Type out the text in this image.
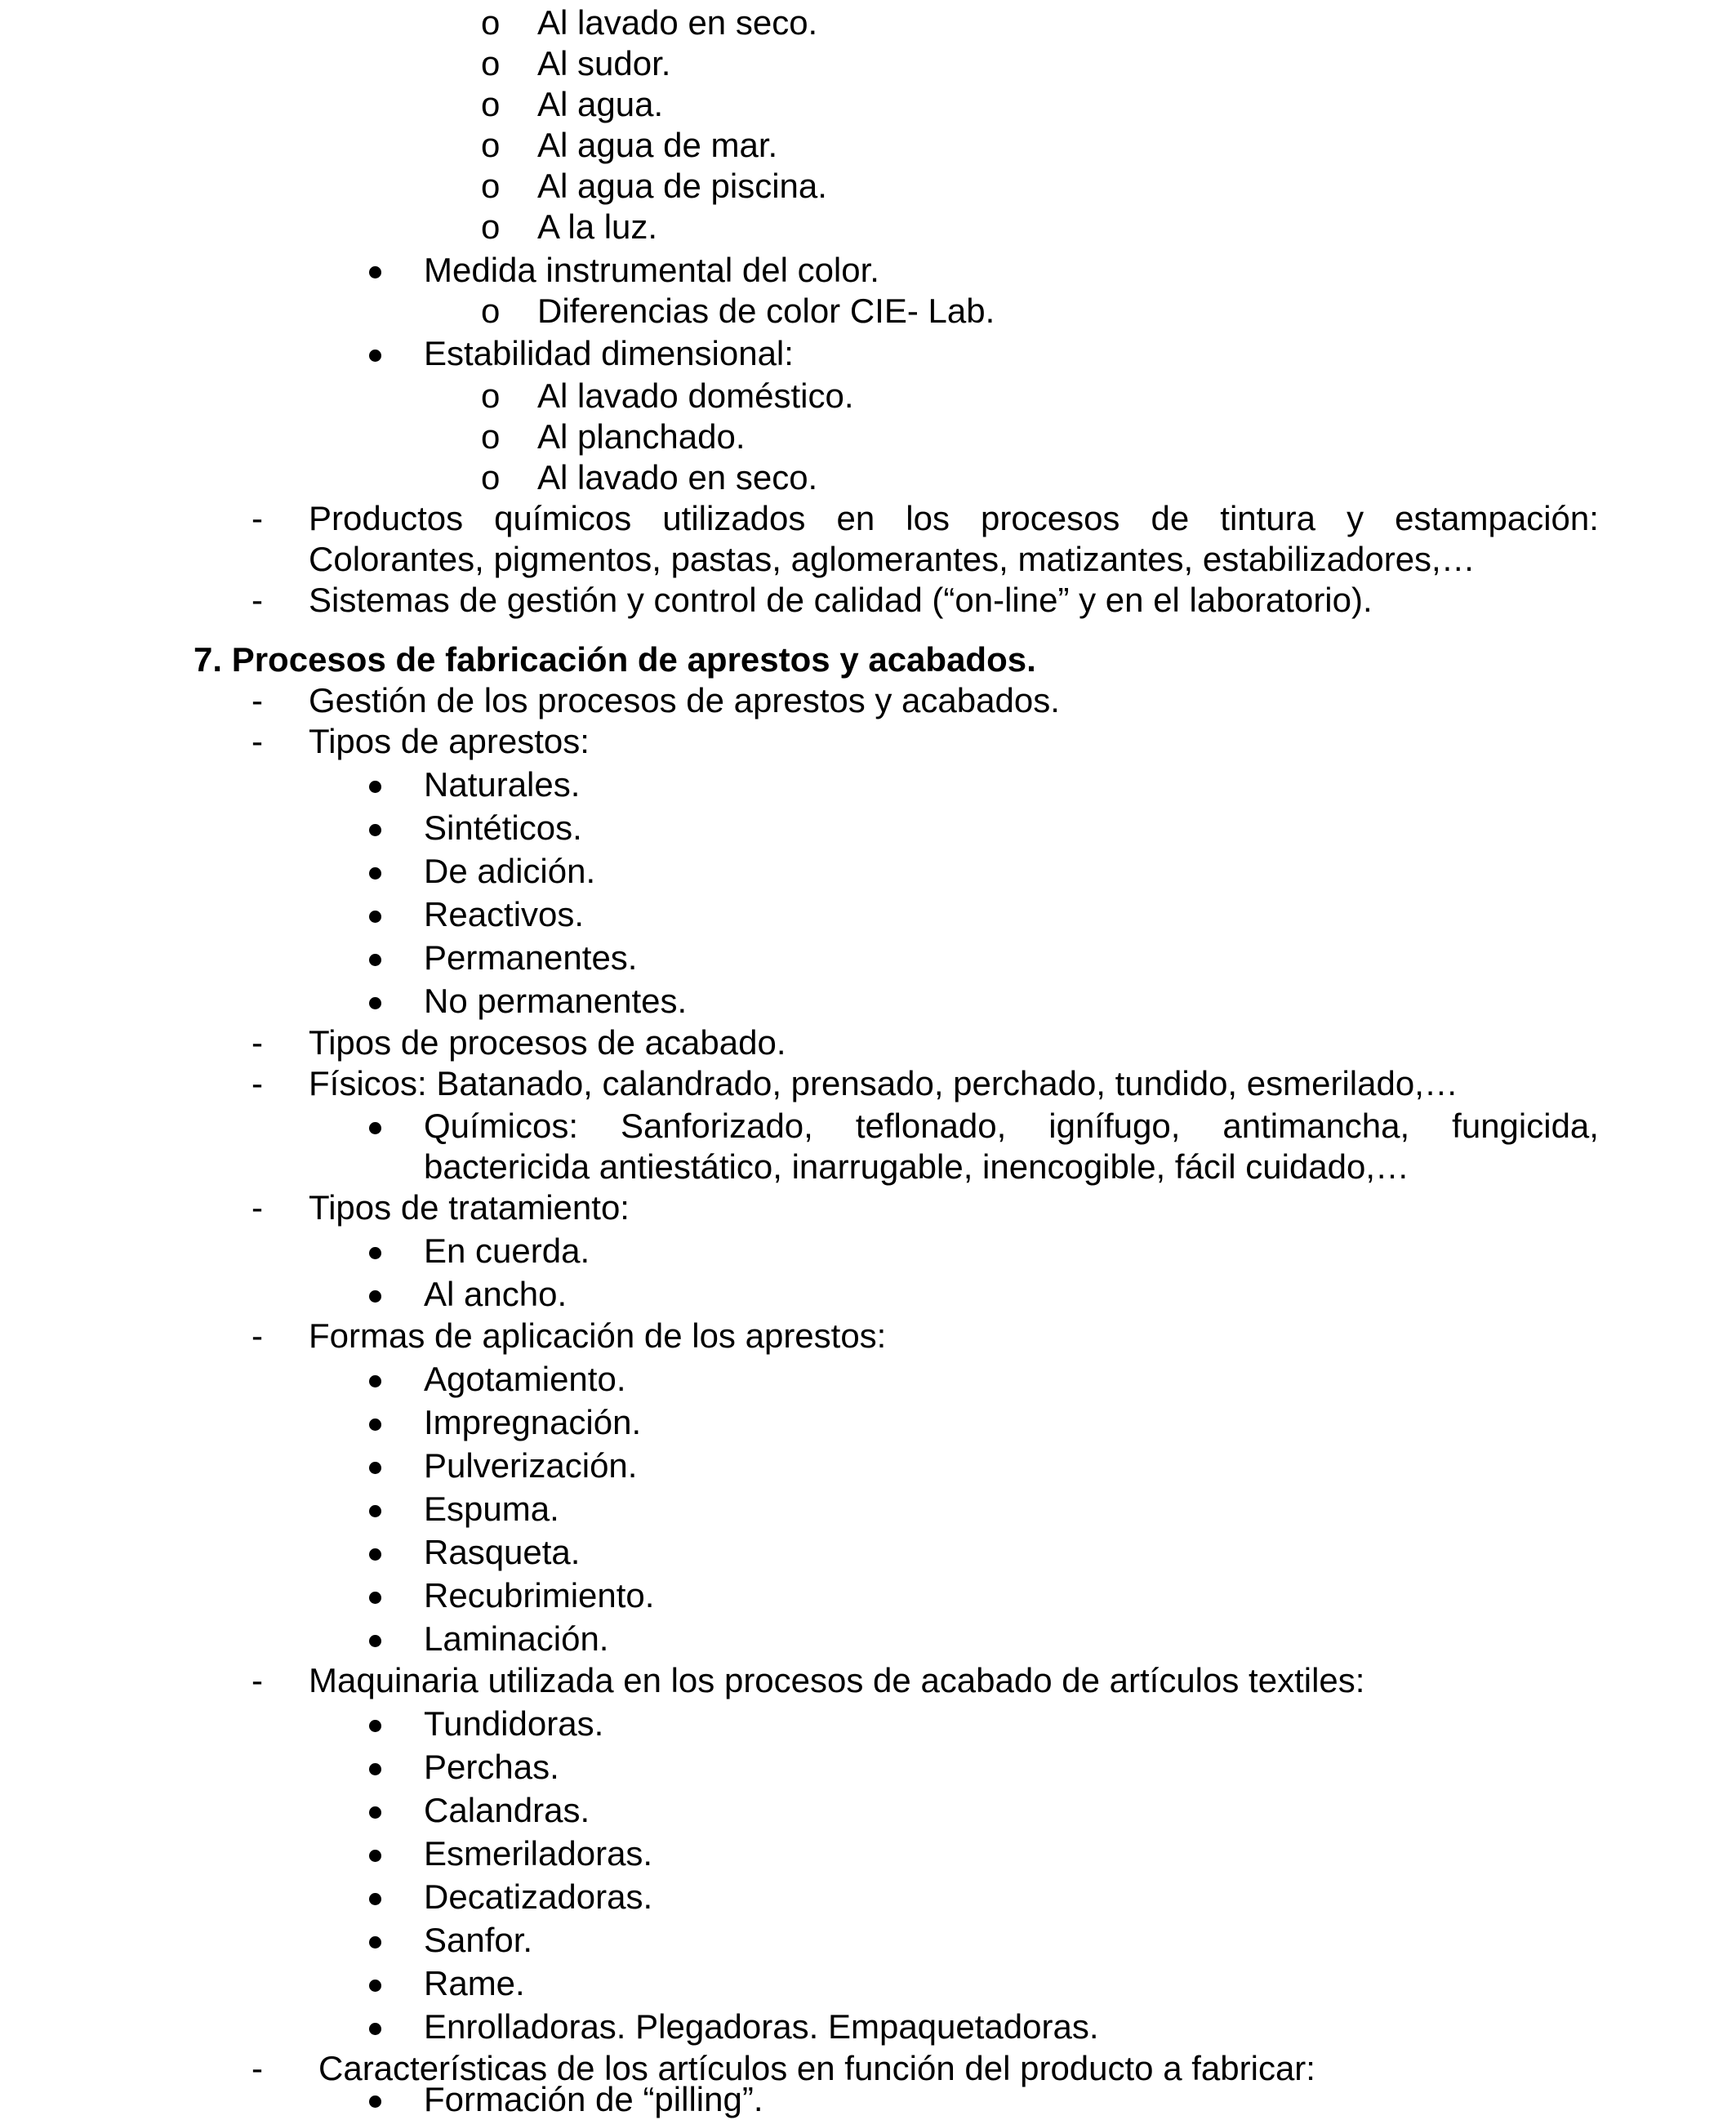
o Al lavado en seco.
o Al sudor.
o Al agua.
o Al agua de mar.
o Al agua de piscina.
o A la luz.
Medida instrumental del color.
o Diferencias de color CIE- Lab.
Estabilidad dimensional:
o Al lavado doméstico.
o Al planchado.
o Al lavado en seco.
- Productos químicos utilizados en los procesos de tintura y estampación:
Colorantes, pigmentos, pastas, aglomerantes, matizantes, estabilizadores,…
- Sistemas de gestión y control de calidad (“on-line” y en el laboratorio).
7. Procesos de fabricación de aprestos y acabados.
- Gestión de los procesos de aprestos y acabados.
- Tipos de aprestos:
Naturales.
Sintéticos.
De adición.
Reactivos.
Permanentes.
No permanentes.
- Tipos de procesos de acabado.
- Físicos: Batanado, calandrado, prensado, perchado, tundido, esmerilado,…
Químicos: Sanforizado, teflonado, ignífugo, antimancha, fungicida,
bactericida antiestático, inarrugable, inencogible, fácil cuidado,…
- Tipos de tratamiento:
En cuerda.
Al ancho.
- Formas de aplicación de los aprestos:
Agotamiento.
Impregnación.
Pulverización.
Espuma.
Rasqueta.
Recubrimiento.
Laminación.
- Maquinaria utilizada en los procesos de acabado de artículos textiles:
Tundidoras.
Perchas.
Calandras.
Esmeriladoras.
Decatizadoras.
Sanfor.
Rame.
Enrolladoras. Plegadoras. Empaquetadoras.
- Características de los artículos en función del producto a fabricar:
Formación de “pilling”.
